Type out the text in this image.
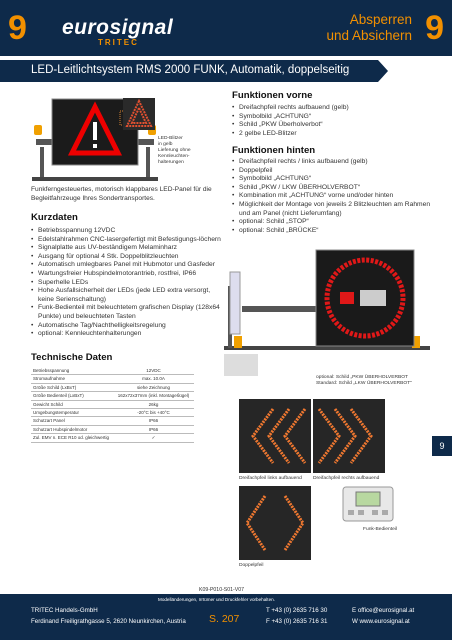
9 eurosignal
TRITEC
Absperren
und Absichern 9
LED-Leitlichtsystem RMS 2000 FUNK, Automatik, doppelseitig
LED-Blitzer
in gelb
Lieferung ohne
Kennleuchten-
halterungen
Funkferngesteuertes, motorisch klappbares LED-Panel für die Begleitfahrzeuge Ihres Sondertransportes.
Kurzdaten
• Betriebsspannung 12VDC
• Edelstahlrahmen CNC-lasergefertigt mit Befestigungs-löchern
• Signalplatte aus UV-beständigem Melaminharz
• Ausgang für optional 4 Stk. Doppelblitzleuchten
• Automatisch umlegbares Panel mit Hubmotor und Gasfeder
• Wartungsfreier Hubspindelmotorantrieb, rostfrei, IP66
• Superhelle LEDs
• Hohe Ausfallsicherheit der LEDs (jede LED extra versorgt, keine Serienschaltung)
• Funk-Bedienteil mit beleuchtetem grafischen Display (128x64 Punkte) und beleuchteten Tasten
• Automatische Tag/Nachthelligkeitsregelung
• optional: Kennleuchtenhalterungen
Funktionen vorne
• Dreifachpfeil rechts aufbauend (gelb)
• Symbolbild „ACHTUNG“
• Schild „PKW Überholverbot“
• 2 gelbe LED-Blitzer
Funktionen hinten
• Dreifachpfeil rechts / links aufbauend (gelb)
• Doppelpfeil
• Symbolbild „ACHTUNG“
• Schild „PKW / LKW ÜBERHOLVERBOT“
• Kombination mit „ACHTUNG“ vorne und/oder hinten
• Möglichkeit der Montage von jeweils 2 Blitzleuchten am Rahmen und am Panel (nicht Lieferumfang)
• optional: Schild „STOP“
• optional: Schild „BRÜCKE“
optional: Schild „PKW ÜBERHOLVERBOT
Standard: Schild „LKW ÜBERHOLVERBOT“
Technische Daten
Betriebsspannung	12VDC
Stromaufnahme	max. 10.0A
Größe Schild (LxBxT)	siehe Zeichnung
Größe Bedienteil (LxBxT)	162x72x37mm (inkl. Montageбügel)
Gewicht Schild	26kg
Umgebungstemperatur	-20°C bis +40°C
Schutzart Panel	IP66
Schutzart Hubspindelmotor	IP66
Zul. EMV n. ECE R10 od. gleichwertig	✓
Dreifachpfeil links aufbauend Dreifachpfeil rechts aufbauend
Doppelpfeil
Funk-Bedienteil
9
K09-P010-S01-V07
Modelländerungen, Irrtümer und Druckfehler vorbehalten.
TRITEC Handels-GmbH
Ferdinand Freiligrathgasse 5, 2620 Neunkirchen, Austria S. 207
T +43 (0) 2635 716 30
F +43 (0) 2635 716 31
E office@eurosignal.at
W www.eurosignal.at
